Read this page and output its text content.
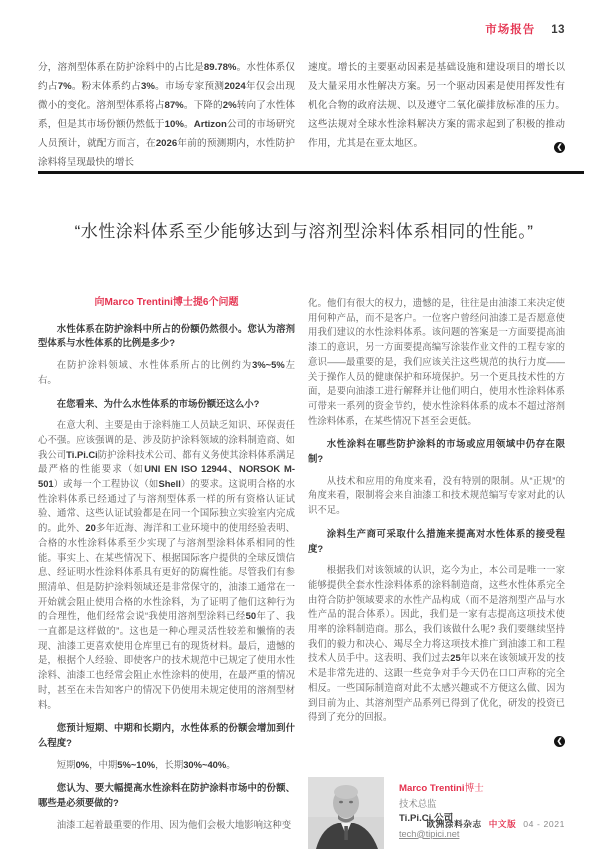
市场报告 13

分，溶剂型体系在防护涂料中的占比是89.78%。水性体系仅约占7%。粉末体系约占3%。市场专家预测2024年仅会出现微小的变化。溶剂型体系将占87%。下降的2%转向了水性体系，但是其市场份额仍然低于10%。Artizon公司的市场研究人员预计，就配方而言，在2026年前的预测期内，水性防护涂料将呈现最快的增长

速度。增长的主要驱动因素是基础设施和建设项目的增长以及大量采用水性解决方案。另一个驱动因素是使用挥发性有机化合物的政府法规、以及遵守二氧化碳排放标准的压力。这些法规对全球水性涂料解决方案的需求起到了积极的推动作用，尤其是在亚太地区。	❮
“水性涂料体系至少能够达到与溶剂型涂料体系相同的性能。”
向Marco Trentini博士提6个问题

水性体系在防护涂料中所占的份额仍然很小。您认为溶剂型体系与水性体系的比例是多少?

在防护涂料领域、水性体系所占的比例约为3%~5%左右。

在您看来、为什么水性体系的市场份额还这么小?

在意大利、主要是由于涂料施工人员缺乏知识、环保责任心不强。应该强调的是、涉及防护涂料领域的涂料制造商、如我公司Ti.Pi.Ci防护涂料技术公司、都有义务使其涂料体系满足最严格的性能要求（如UNI EN ISO 12944、NORSOK M-501）或每一个工程协议（如Shell）的要求。这说明合格的水性涂料体系已经通过了与溶剂型体系一样的所有资格认证试验、通常、这些认证试验都是在同一个国际独立实验室内完成的。此外、20多年近海、海洋和工业环境中的使用经验表明、合格的水性涂料体系至少实现了与溶剂型涂料体系相同的性能。事实上、在某些情况下、根据国际客户提供的全球反馈信息、经证明水性涂料体系具有更好的防腐性能。尽管我们有参照清单、但是防护涂料领域还是非常保守的，油漆工通常在一开始就会阻止使用合格的水性涂料，为了证明了他们这种行为的合理性，他们经常会说“我使用溶剂型涂料已经50年了、我一直都是这样做的”。这也是一种心理灵活性较差和懒惰的表现、油漆工更喜欢使用仓库里已有的现货材料。最后，遗憾的是，根据个人经验、即使客户的技术规范中已规定了使用水性涂料、油漆工也经常会阻止水性涂料的使用，在最严重的情况时，甚至在未告知客户的情况下仍使用未规定使用的溶剂型材料。

您预计短期、中期和长期内，水性体系的份额会增加到什么程度?

短期0%，中期5%~10%，长期30%~40%。

您认为、要大幅提高水性涂料在防护涂料市场中的份额、哪些是必须要做的?

油漆工起着最重要的作用、因为他们会极大地影响这种变

化。他们有很大的权力，遗憾的是，往往是由油漆工来决定使用何种产品，而不是客户。一位客户曾经问油漆工是否愿意使用我们建议的水性涂料体系。该问题的答案是一方面要提高油漆工的意识，另一方面要提高编写涂装作业文件的工程专家的意识——最重要的是，我们应该关注这些规范的执行力度——关于操作人员的健康保护和环境保护。另一个更具技术性的方面，是要向油漆工进行解释并让他们明白，使用水性涂料体系可带来一系列的资金节约，使水性涂料体系的成本不超过溶剂性涂料体系，在某些情况下甚至会更低。

水性涂料在哪些防护涂料的市场或应用领域中仍存在限制?

从技术和应用的角度来看，没有特别的限制。从“正规”的角度来看，限制将会来自油漆工和技术规范编写专家对此的认识不足。

涂料生产商可采取什么措施来提高对水性体系的接受程度?

根据我们对该领域的认识，迄今为止，本公司是唯一一家能够提供全套水性涂料体系的涂料制造商，这些水性体系完全由符合防护领域要求的水性产品构成（而不是溶剂型产品与水性产品的混合体系）。因此，我们是一家有志提高这项技术使用率的涂料制造商。那么，我们该做什么呢? 我们要继续坚持我们的毅力和决心、竭尽全力将这项技术推广到油漆工和工程技术人员手中。这表明、我们过去25年以来在该领域开发的技术是非常先进的、这跟一些竞争对手今天仍在口口声称的完全相反。一些国际制造商对此不太感兴趣或不方便这么做、因为到目前为止、其溶剂型产品系列已得到了优化，研发的投资已得到了充分的回报。

❮
Marco Trentini博士
技术总监
Ti.Pi.Ci.公司
tech@tipici.net
欧洲涂料杂志 中文版 04 - 2021
